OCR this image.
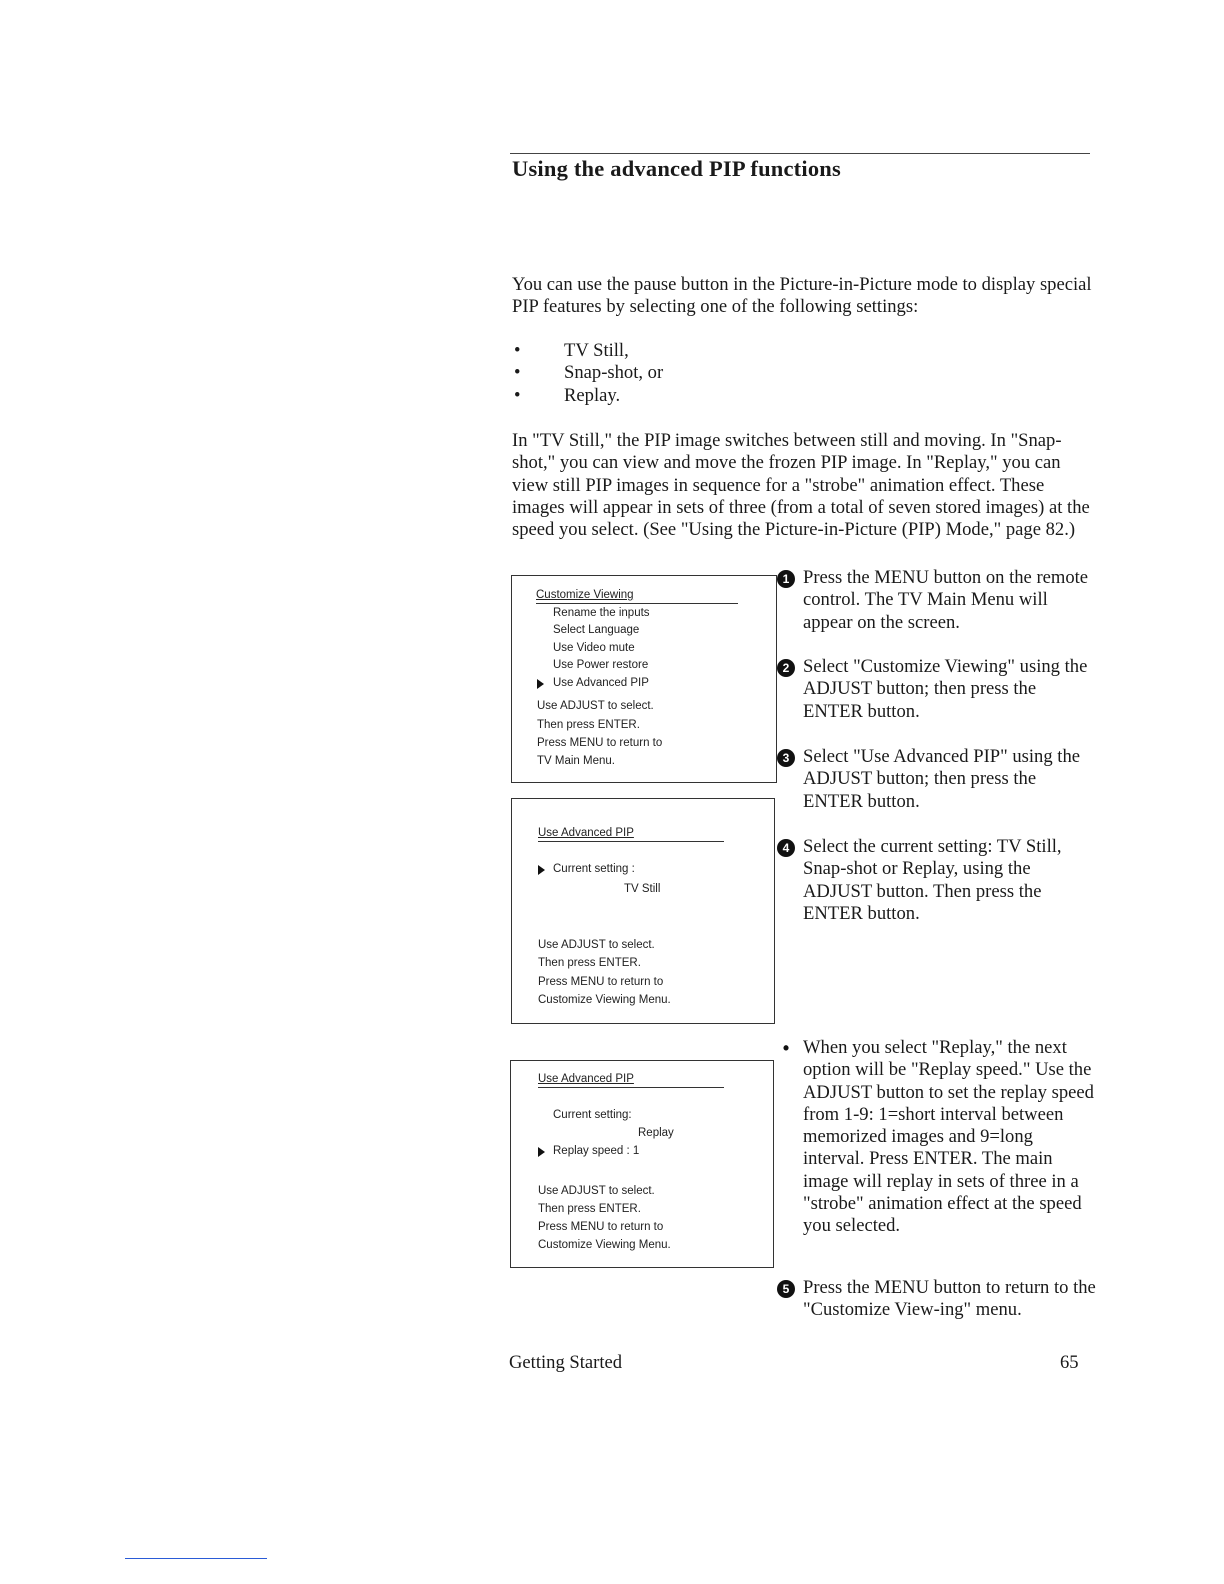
Using the advanced PIP functions
You can use the pause button in the Picture-in-Picture mode to display special PIP features by selecting one of the following settings:
• TV Still,
• Snap-shot, or
• Replay.
In "TV Still," the PIP image switches between still and moving. In "Snap-shot," you can view and move the frozen PIP image. In "Replay," you can view still PIP images in sequence for a "strobe" animation effect. These images will appear in sets of three (from a total of seven stored images) at the speed you select. (See "Using the Picture-in-Picture (PIP) Mode," page 82.)
Customize Viewing
Rename the inputs
Select Language
Use Video mute
Use Power restore
Use Advanced PIP
Use ADJUST to select.
Then press ENTER.
Press MENU to return to
TV Main Menu.
Use Advanced PIP
Current setting :
TV Still
Use ADJUST to select.
Then press ENTER.
Press MENU to return to
Customize Viewing Menu.
Use Advanced PIP
Current setting:
Replay
Replay speed : 1
Use ADJUST to select.
Then press ENTER.
Press MENU to return to
Customize Viewing Menu.
1 Press the MENU button on the remote control. The TV Main Menu will appear on the screen.
2 Select "Customize Viewing" using the ADJUST button; then press the ENTER button.
3 Select "Use Advanced PIP" using the ADJUST button; then press the ENTER button.
4 Select the current setting: TV Still, Snap-shot or Replay, using the ADJUST button. Then press the ENTER button.
• When you select "Replay," the next option will be "Replay speed." Use the ADJUST button to set the replay speed from 1-9: 1=short interval between memorized images and 9=long interval. Press ENTER. The main image will replay in sets of three in a "strobe" animation effect at the speed you selected.
5 Press the MENU button to return to the "Customize View-ing" menu.
Getting Started	65
